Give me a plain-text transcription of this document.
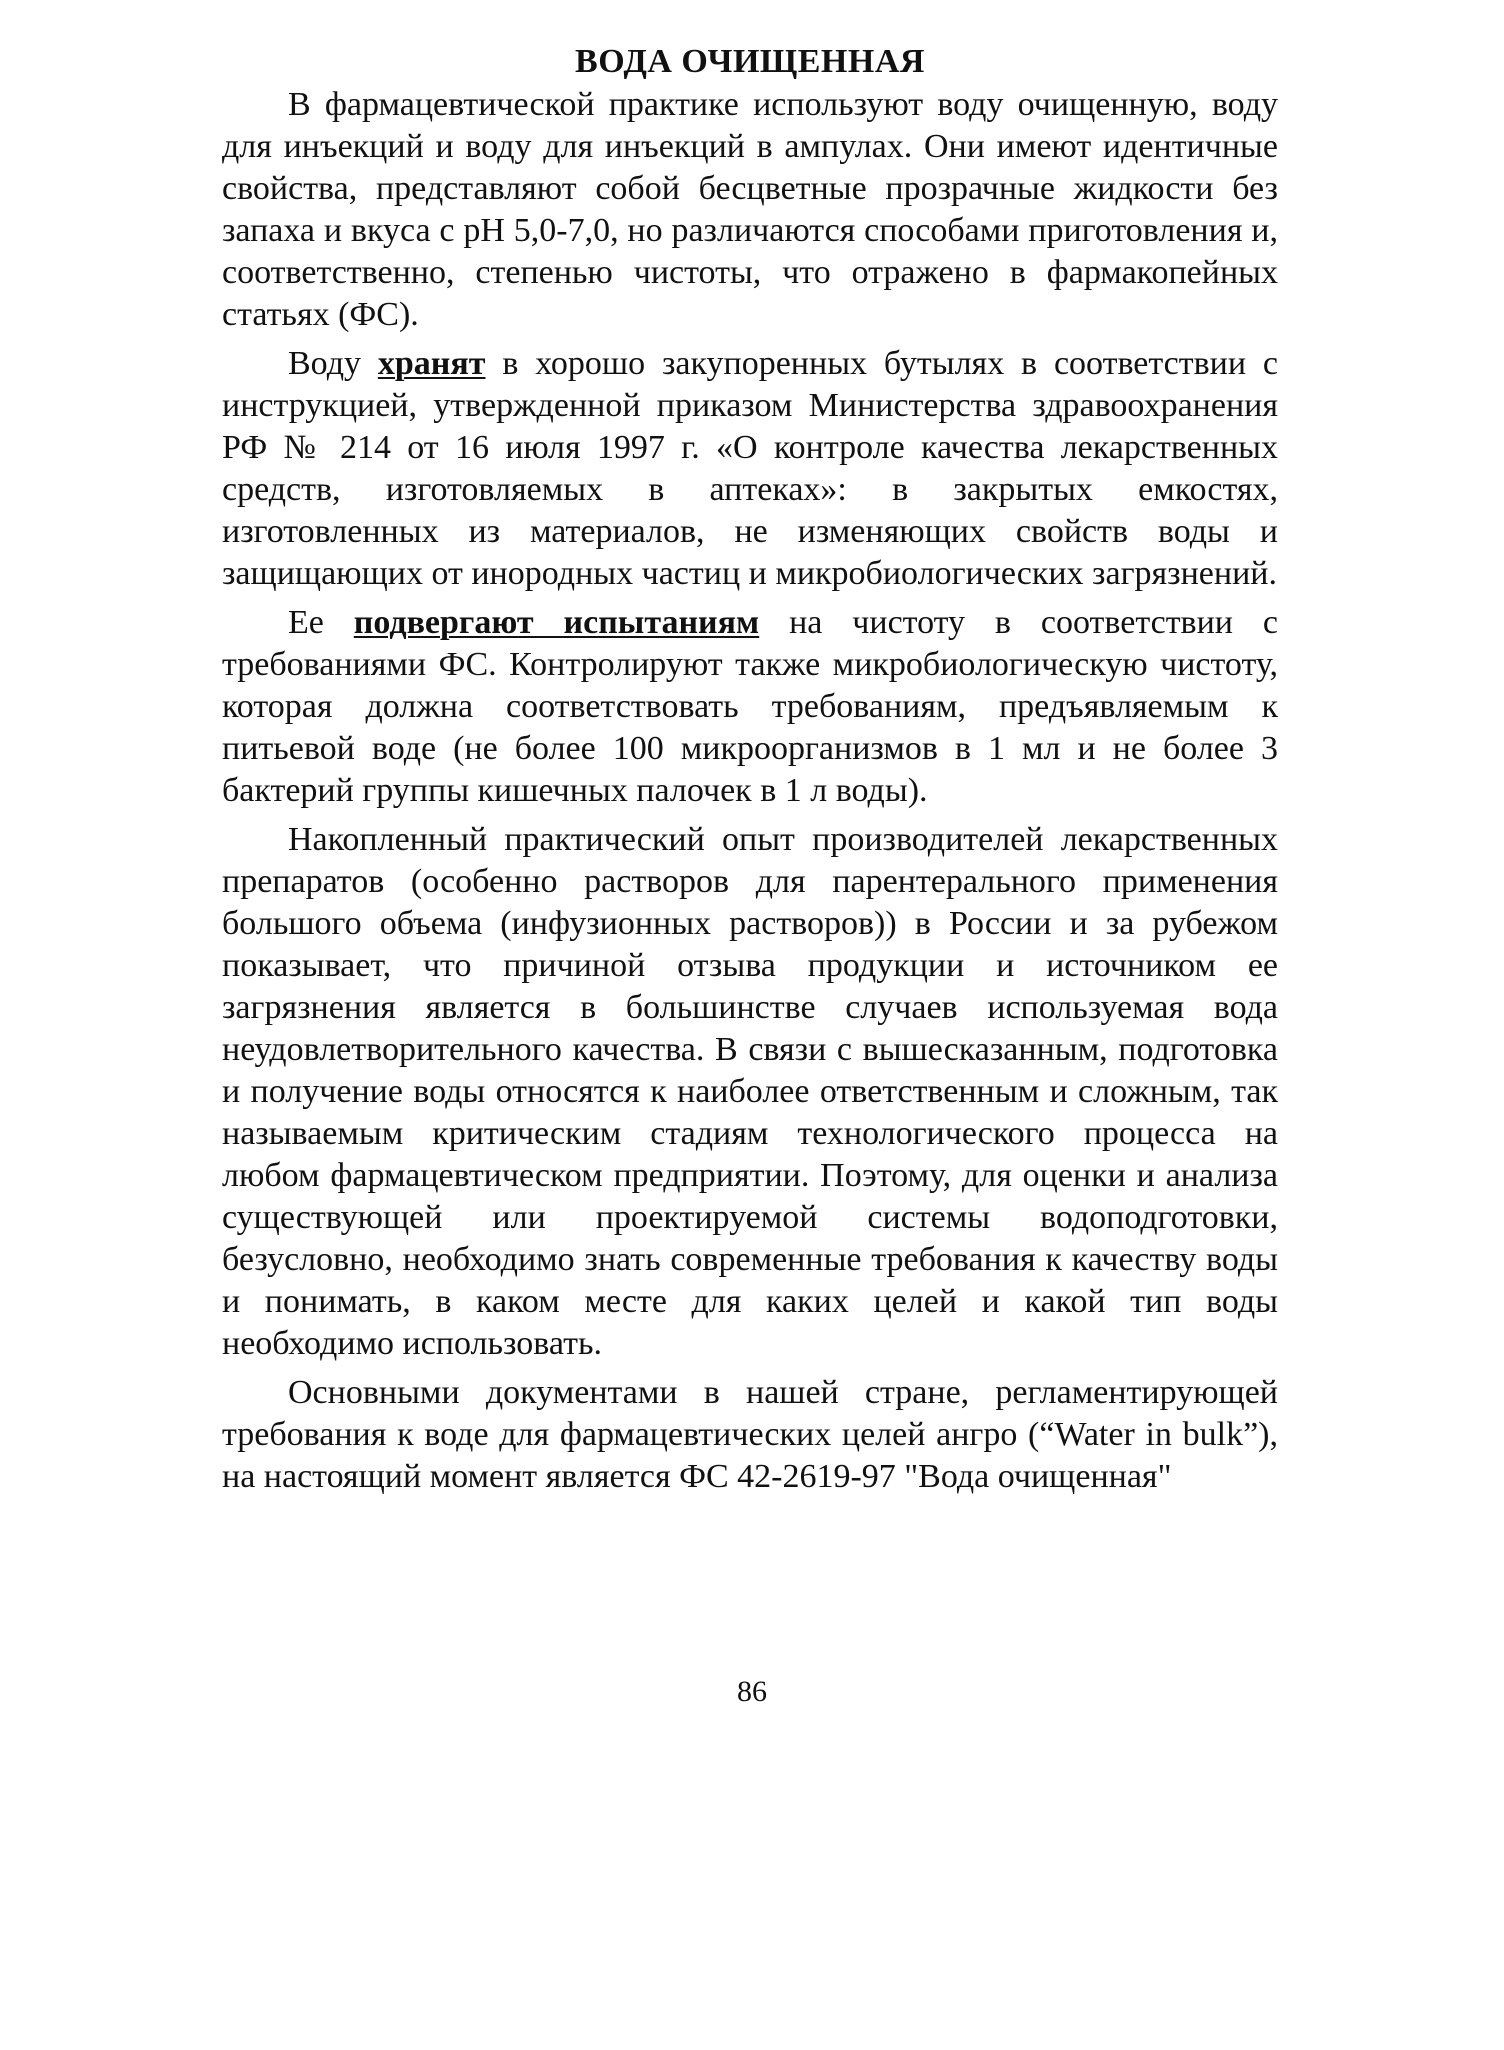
ВОДА ОЧИЩЕННАЯ

В фармацевтической практике используют воду очищенную, воду для инъекций и воду для инъекций в ампулах. Они имеют идентичные свойства, представляют собой бесцветные прозрачные жидкости без запаха и вкуса с рН 5,0-7,0, но различаются способами приготовления и, соответственно, степенью чистоты, что отражено в фармакопейных статьях (ФС).

Воду хранят в хорошо закупоренных бутылях в соответствии с инструкцией, утвержденной приказом Министерства здравоохранения РФ № 214 от 16 июля 1997 г. «О контроле качества лекарственных средств, изготовляемых в аптеках»: в закрытых емкостях, изготовленных из материалов, не изменяющих свойств воды и защищающих от инородных частиц и микробиологических загрязнений.

Ее подвергают испытаниям на чистоту в соответствии с требованиями ФС. Контролируют также микробиологическую чистоту, которая должна соответствовать требованиям, предъявляемым к питьевой воде (не более 100 микроорганизмов в 1 мл и не более 3 бактерий группы кишечных палочек в 1 л воды).

Накопленный практический опыт производителей лекарственных препаратов (особенно растворов для парентерального применения большого объема (инфузионных растворов)) в России и за рубежом показывает, что причиной отзыва продукции и источником ее загрязнения является в большинстве случаев используемая вода неудовлетворительного качества. В связи с вышесказанным, подготовка и получение воды относятся к наиболее ответственным и сложным, так называемым критическим стадиям технологического процесса на любом фармацевтическом предприятии. Поэтому, для оценки и анализа существующей или проектируемой системы водоподготовки, безусловно, необходимо знать современные требования к качеству воды и понимать, в каком месте для каких целей и какой тип воды необходимо использовать.

Основными документами в нашей стране, регламентирующей требования к воде для фармацевтических целей ангро (“Water in bulk”), на настоящий момент является ФС 42-2619-97 "Вода очищенная"

86
